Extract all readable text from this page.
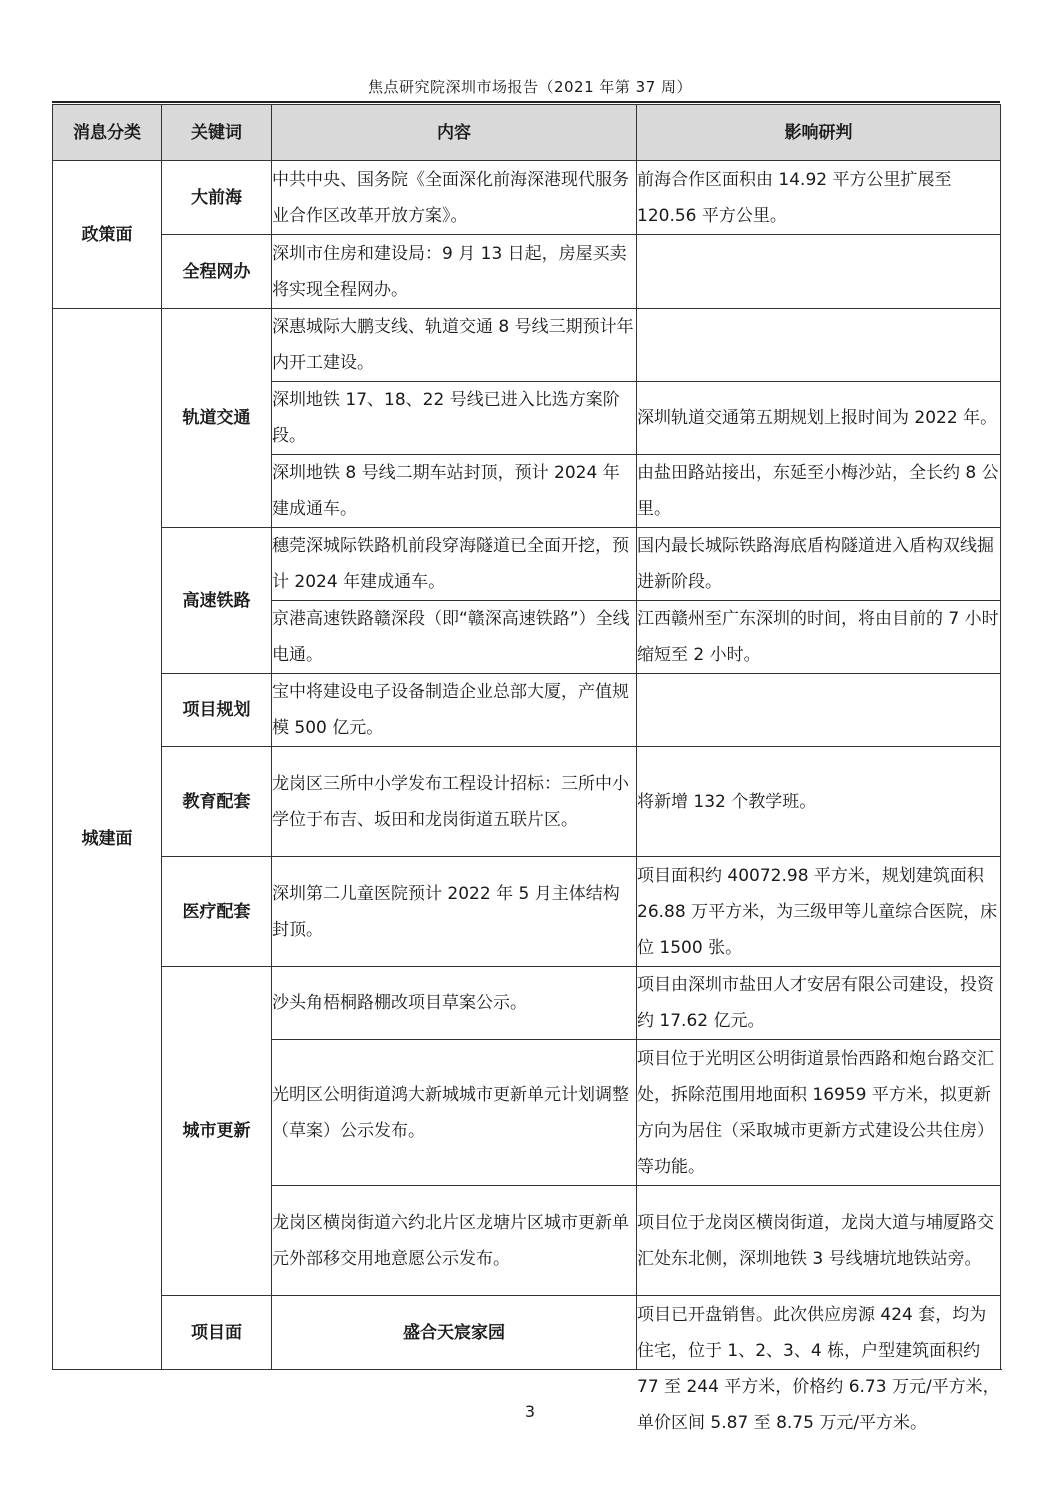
焦点研究院深圳市场报告（2021 年第 37 周）
消息分类	关键词	内容	影响研判
政策面	大前海	中共中央、国务院《全面深化前海深港现代服务业合作区改革开放方案》。	前海合作区面积由 14.92 平方公里扩展至 120.56 平方公里。
	全程网办	深圳市住房和建设局：9 月 13 日起，房屋买卖将实现全程网办。	
城建面	轨道交通	深惠城际大鹏支线、轨道交通 8 号线三期预计年内开工建设。	
		深圳地铁 17、18、22 号线已进入比选方案阶段。	深圳轨道交通第五期规划上报时间为 2022 年。
		深圳地铁 8 号线二期车站封顶，预计 2024 年建成通车。	由盐田路站接出，东延至小梅沙站，全长约 8 公里。
	高速铁路	穗莞深城际铁路机前段穿海隧道已全面开挖，预计 2024 年建成通车。	国内最长城际铁路海底盾构隧道进入盾构双线掘进新阶段。
		京港高速铁路赣深段（即“赣深高速铁路”）全线电通。	江西赣州至广东深圳的时间，将由目前的 7 小时缩短至 2 小时。
	项目规划	宝中将建设电子设备制造企业总部大厦，产值规模 500 亿元。	
	教育配套	龙岗区三所中小学发布工程设计招标：三所中小学位于布吉、坂田和龙岗街道五联片区。	将新增 132 个教学班。
	医疗配套	深圳第二儿童医院预计 2022 年 5 月主体结构封顶。	项目面积约 40072.98 平方米，规划建筑面积 26.88 万平方米，为三级甲等儿童综合医院，床位 1500 张。
	城市更新	沙头角梧桐路棚改项目草案公示。	项目由深圳市盐田人才安居有限公司建设，投资约 17.62 亿元。
		光明区公明街道鸿大新城城市更新单元计划调整（草案）公示发布。	项目位于光明区公明街道景怡西路和炮台路交汇处，拆除范围用地面积 16959 平方米，拟更新方向为居住（采取城市更新方式建设公共住房）等功能。
		龙岗区横岗街道六约北片区龙塘片区城市更新单元外部移交用地意愿公示发布。	项目位于龙岗区横岗街道，龙岗大道与埔厦路交汇处东北侧，深圳地铁 3 号线塘坑地铁站旁。
	项目面	盛合天宸家园	项目已开盘销售。此次供应房源 424 套，均为住宅，位于 1、2、3、4 栋，户型建筑面积约 77 至 244 平方米，价格约 6.73 万元/平方米，单价区间 5.87 至 8.75 万元/平方米。
3
